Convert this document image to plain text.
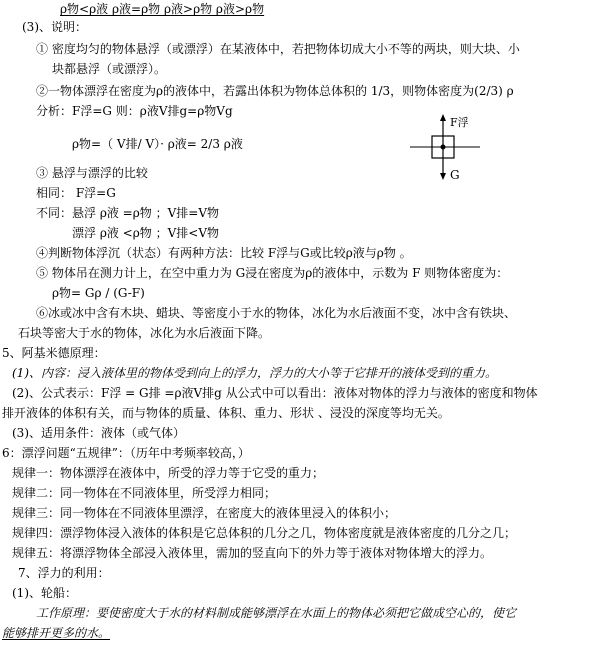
ρ物<ρ液 ρ液=ρ物 ρ液>ρ物 ρ液>ρ物
(3)、说明：
① 密度均匀的物体悬浮（或漂浮）在某液体中，若把物体切成大小不等的两块，则大块、小
块都悬浮（或漂浮）。
②一物体漂浮在密度为ρ的液体中，若露出体积为物体总体积的 1/3，则物体密度为(2/3) ρ
分析：F浮=G 则：ρ液V排g=ρ物Vg
ρ物=（ V排/ V）· ρ液= 2/3 ρ液
F浮
G
③ 悬浮与漂浮的比较
相同： F浮=G
不同：悬浮 ρ液 =ρ物 ；V排=V物
漂浮 ρ液 <ρ物 ；V排<V物
④判断物体浮沉（状态）有两种方法：比较 F浮与G或比较ρ液与ρ物 。
⑤ 物体吊在测力计上，在空中重力为 G浸在密度为ρ的液体中，示数为 F 则物体密度为：
ρ物= Gρ / (G-F)
⑥冰或冰中含有木块、蜡块、等密度小于水的物体，冰化为水后液面不变，冰中含有铁块、
石块等密大于水的物体，冰化为水后液面下降。
5、阿基米德原理：
(1)、内容：浸入液体里的物体受到向上的浮力，浮力的大小等于它排开的液体受到的重力。
(2)、公式表示：F浮 = G排 =ρ液V排g 从公式中可以看出：液体对物体的浮力与液体的密度和物体
排开液体的体积有关，而与物体的质量、体积、重力、形状 、浸没的深度等均无关。
(3)、适用条件：液体（或气体）
6：漂浮问题“五规律”：（历年中考频率较高，）
规律一：物体漂浮在液体中，所受的浮力等于它受的重力；
规律二：同一物体在不同液体里，所受浮力相同；
规律三：同一物体在不同液体里漂浮，在密度大的液体里浸入的体积小；
规律四：漂浮物体浸入液体的体积是它总体积的几分之几，物体密度就是液体密度的几分之几；
规律五：将漂浮物体全部浸入液体里，需加的竖直向下的外力等于液体对物体增大的浮力。
7、浮力的利用：
(1)、轮船：
工作原理：要使密度大于水的材料制成能够漂浮在水面上的物体必须把它做成空心的，使它
能够排开更多的水。
